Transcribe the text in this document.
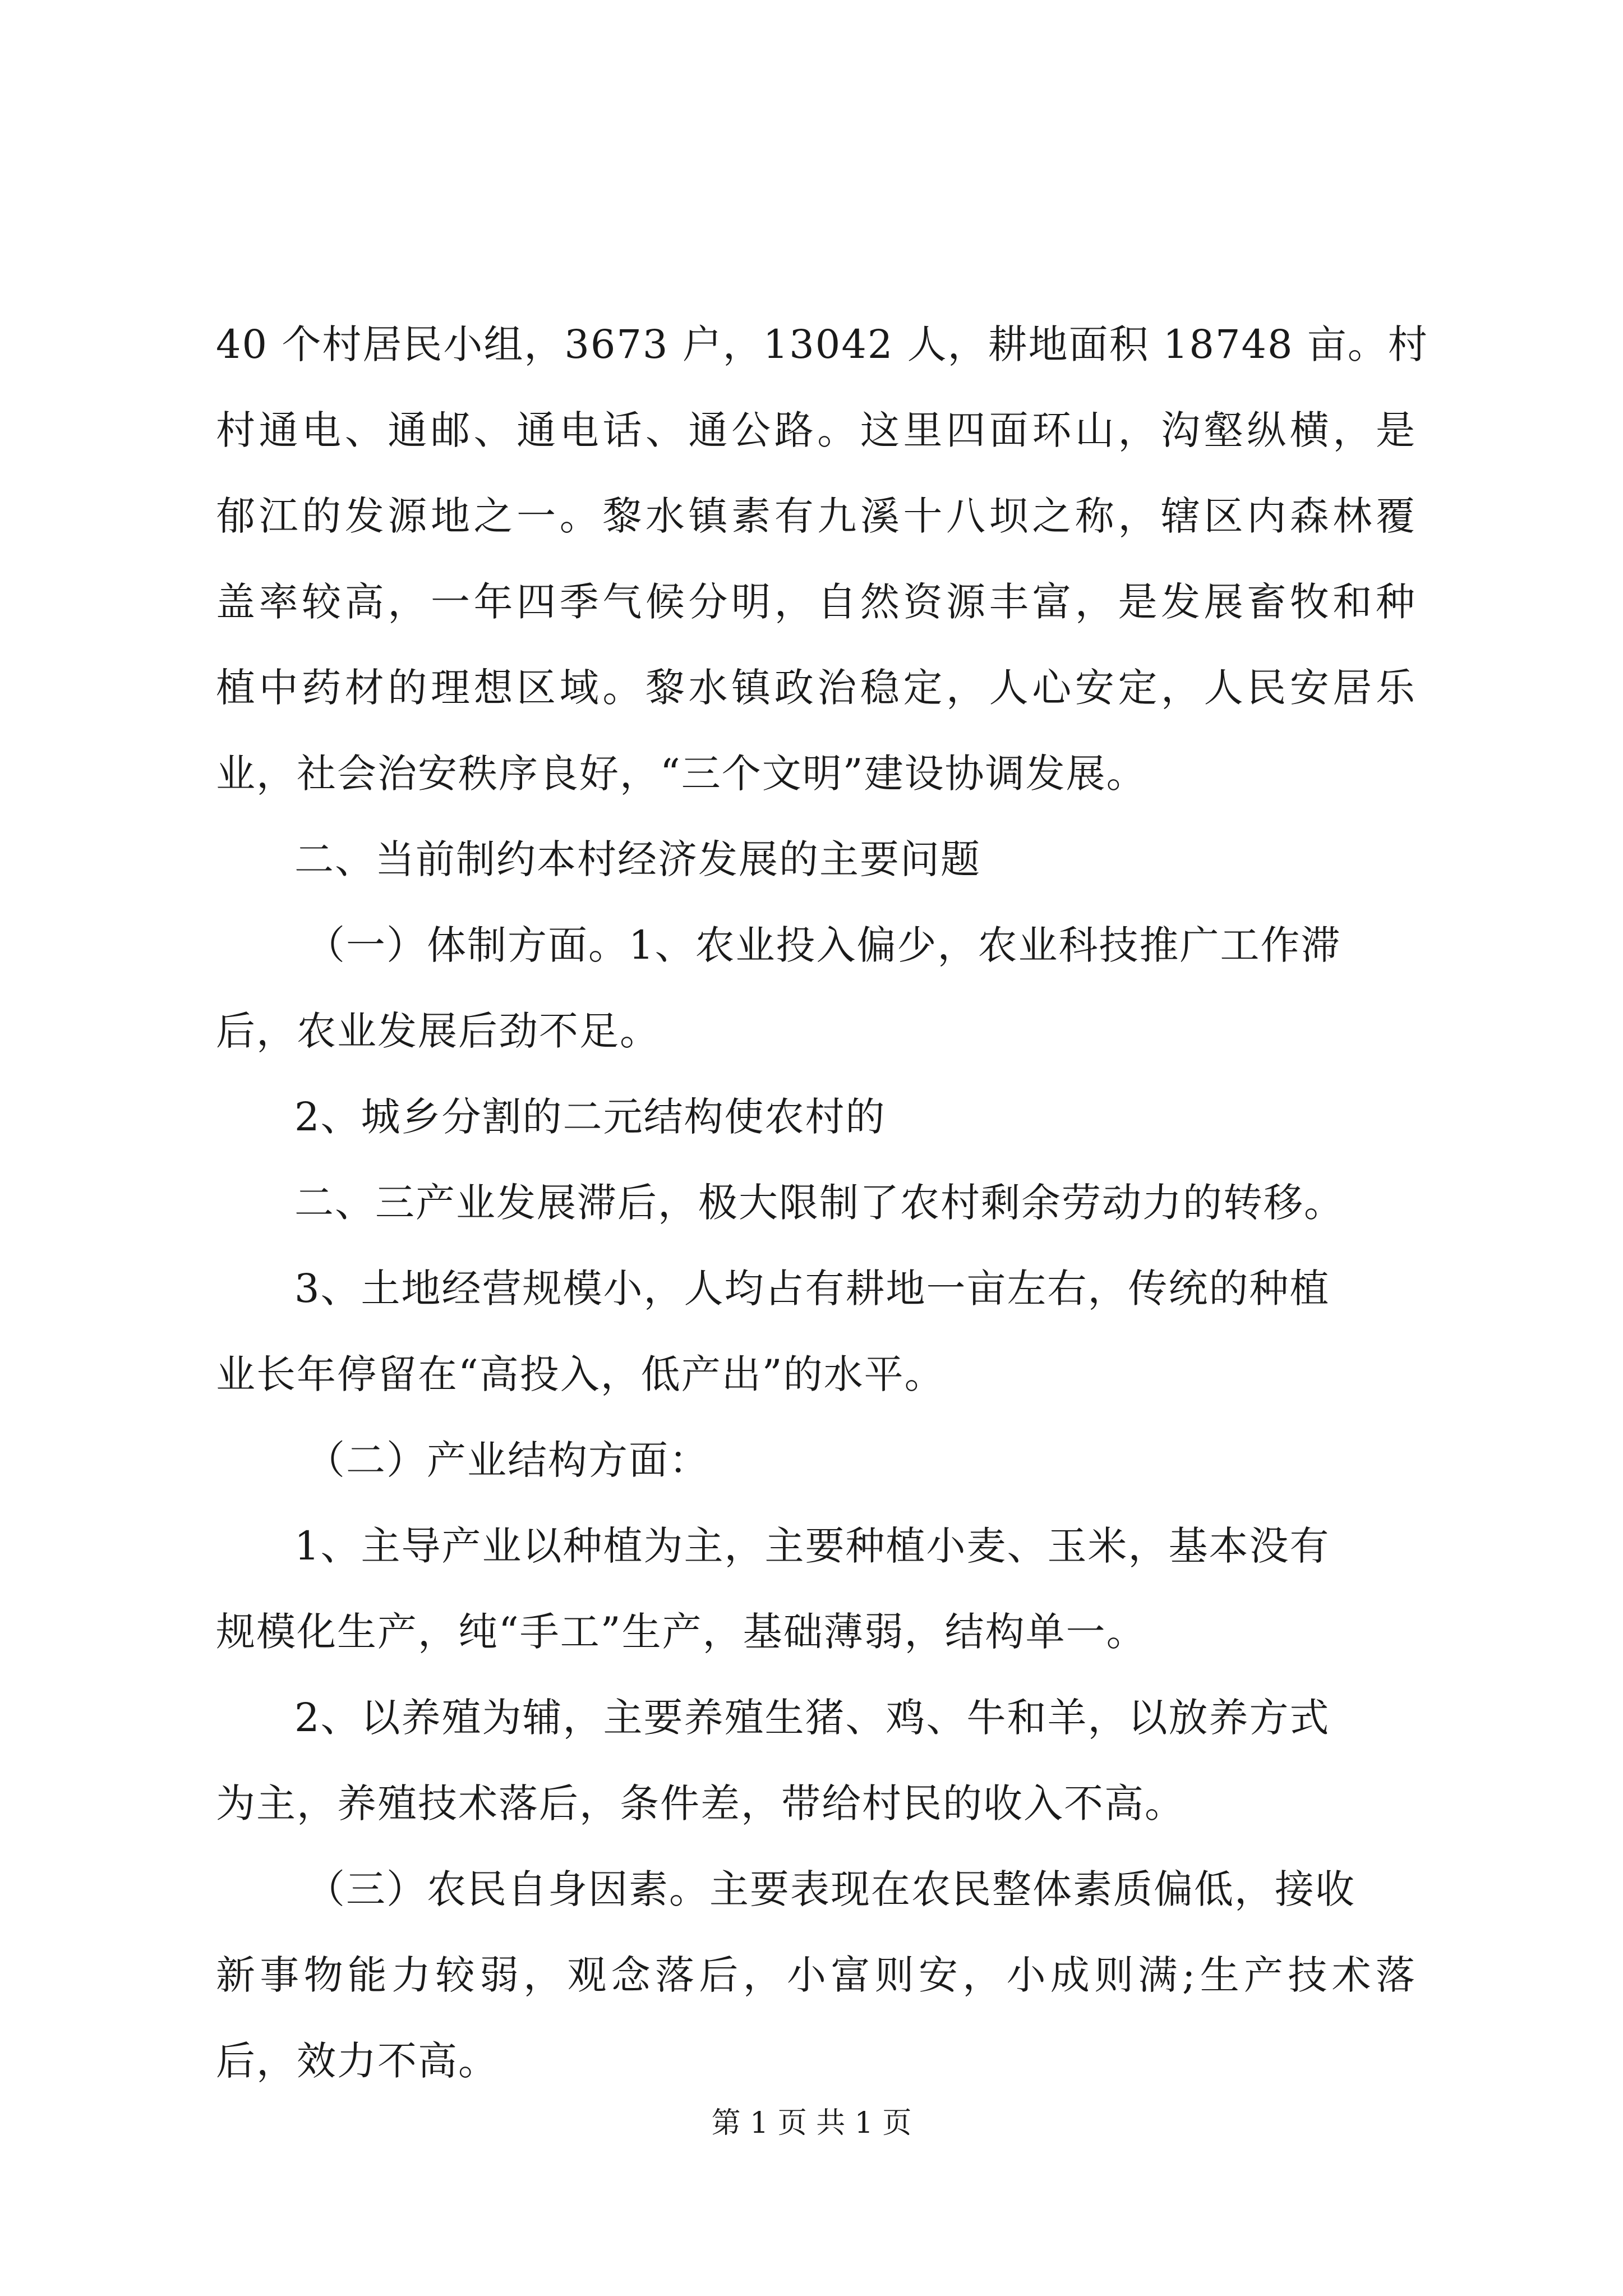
40 个村居民小组，3673 户，13042 人，耕地面积 18748 亩。村
村通电、通邮、通电话、通公路。这里四面环山，沟壑纵横，是
郁江的发源地之一。黎水镇素有九溪十八坝之称，辖区内森林覆
盖率较高，一年四季气候分明，自然资源丰富，是发展畜牧和种
植中药材的理想区域。黎水镇政治稳定，人心安定，人民安居乐
业，社会治安秩序良好，“三个文明”建设协调发展。
二、当前制约本村经济发展的主要问题
（一）体制方面。1、农业投入偏少，农业科技推广工作滞
后，农业发展后劲不足。
2、城乡分割的二元结构使农村的
二、三产业发展滞后，极大限制了农村剩余劳动力的转移。
3、土地经营规模小，人均占有耕地一亩左右，传统的种植
业长年停留在“高投入，低产出”的水平。
（二）产业结构方面：
1、主导产业以种植为主，主要种植小麦、玉米，基本没有
规模化生产，纯“手工”生产，基础薄弱，结构单一。
2、以养殖为辅，主要养殖生猪、鸡、牛和羊，以放养方式
为主，养殖技术落后，条件差，带给村民的收入不高。
（三）农民自身因素。主要表现在农民整体素质偏低，接收
新事物能力较弱，观念落后，小富则安，小成则满;生产技术落
后，效力不高。
第 1 页 共 1 页
